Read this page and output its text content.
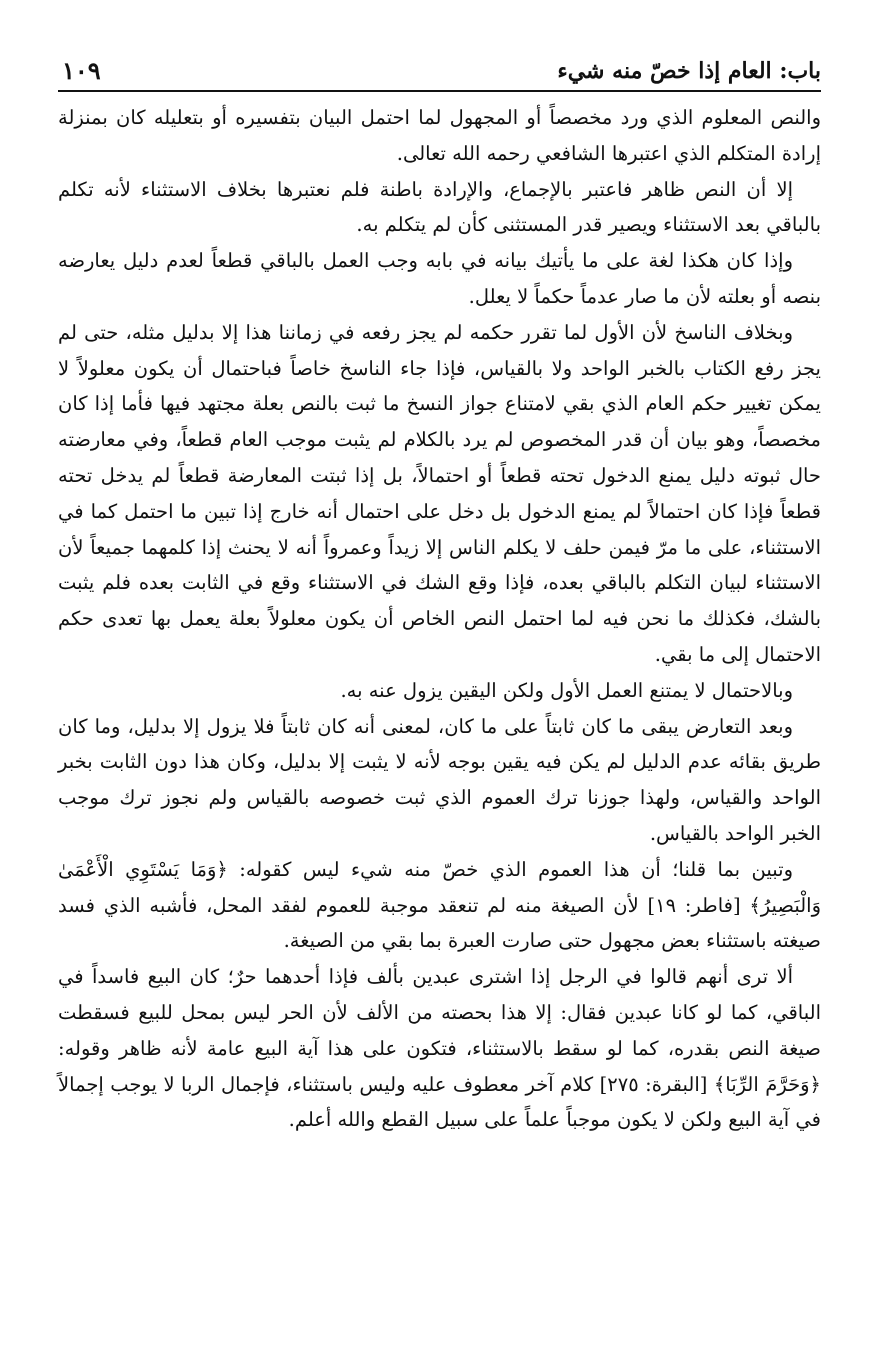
باب: العام إذا خصّ منه شيء
١٠٩

والنص المعلوم الذي ورد مخصصاً أو المجهول لما احتمل البيان بتفسيره أو بتعليله كان بمنزلة إرادة المتكلم الذي اعتبرها الشافعي رحمه الله تعالى.

إلا أن النص ظاهر فاعتبر بالإجماع، والإرادة باطنة فلم نعتبرها بخلاف الاستثناء لأنه تكلم بالباقي بعد الاستثناء ويصير قدر المستثنى كأن لم يتكلم به.

وإذا كان هكذا لغة على ما يأتيك بيانه في بابه وجب العمل بالباقي قطعاً لعدم دليل يعارضه بنصه أو بعلته لأن ما صار عدماً حكماً لا يعلل.

وبخلاف الناسخ لأن الأول لما تقرر حكمه لم يجز رفعه في زماننا هذا إلا بدليل مثله، حتى لم يجز رفع الكتاب بالخبر الواحد ولا بالقياس، فإذا جاء الناسخ خاصاً فباحتمال أن يكون معلولاً لا يمكن تغيير حكم العام الذي بقي لامتناع جواز النسخ ما ثبت بالنص بعلة مجتهد فيها فأما إذا كان مخصصاً، وهو بيان أن قدر المخصوص لم يرد بالكلام لم يثبت موجب العام قطعاً، وفي معارضته حال ثبوته دليل يمنع الدخول تحته قطعاً أو احتمالاً، بل إذا ثبتت المعارضة قطعاً لم يدخل تحته قطعاً فإذا كان احتمالاً لم يمنع الدخول بل دخل على احتمال أنه خارج إذا تبين ما احتمل كما في الاستثناء، على ما مرّ فيمن حلف لا يكلم الناس إلا زيداً وعمرواً أنه لا يحنث إذا كلمهما جميعاً لأن الاستثناء لبيان التكلم بالباقي بعده، فإذا وقع الشك في الاستثناء وقع في الثابت بعده فلم يثبت بالشك، فكذلك ما نحن فيه لما احتمل النص الخاص أن يكون معلولاً بعلة يعمل بها تعدى حكم الاحتمال إلى ما بقي.

وبالاحتمال لا يمتنع العمل الأول ولكن اليقين يزول عنه به.

وبعد التعارض يبقى ما كان ثابتاً على ما كان، لمعنى أنه كان ثابتاً فلا يزول إلا بدليل، وما كان طريق بقائه عدم الدليل لم يكن فيه يقين بوجه لأنه لا يثبت إلا بدليل، وكان هذا دون الثابت بخبر الواحد والقياس، ولهذا جوزنا ترك العموم الذي ثبت خصوصه بالقياس ولم نجوز ترك موجب الخبر الواحد بالقياس.

وتبين بما قلنا؛ أن هذا العموم الذي خصّ منه شيء ليس كقوله: ﴿وَمَا يَسْتَوِي الْأَعْمَىٰ وَالْبَصِيرُ﴾ [فاطر: ١٩] لأن الصيغة منه لم تنعقد موجبة للعموم لفقد المحل، فأشبه الذي فسد صيغته باستثناء بعض مجهول حتى صارت العبرة بما بقي من الصيغة.

ألا ترى أنهم قالوا في الرجل إذا اشترى عبدين بألف فإذا أحدهما حرٌ؛ كان البيع فاسداً في الباقي، كما لو كانا عبدين فقال: إلا هذا بحصته من الألف لأن الحر ليس بمحل للبيع فسقطت صيغة النص بقدره، كما لو سقط بالاستثناء، فتكون على هذا آية البيع عامة لأنه ظاهر وقوله: ﴿وَحَرَّمَ الرِّبَا﴾ [البقرة: ٢٧٥] كلام آخر معطوف عليه وليس باستثناء، فإجمال الربا لا يوجب إجمالاً في آية البيع ولكن لا يكون موجباً علماً على سبيل القطع والله أعلم.
